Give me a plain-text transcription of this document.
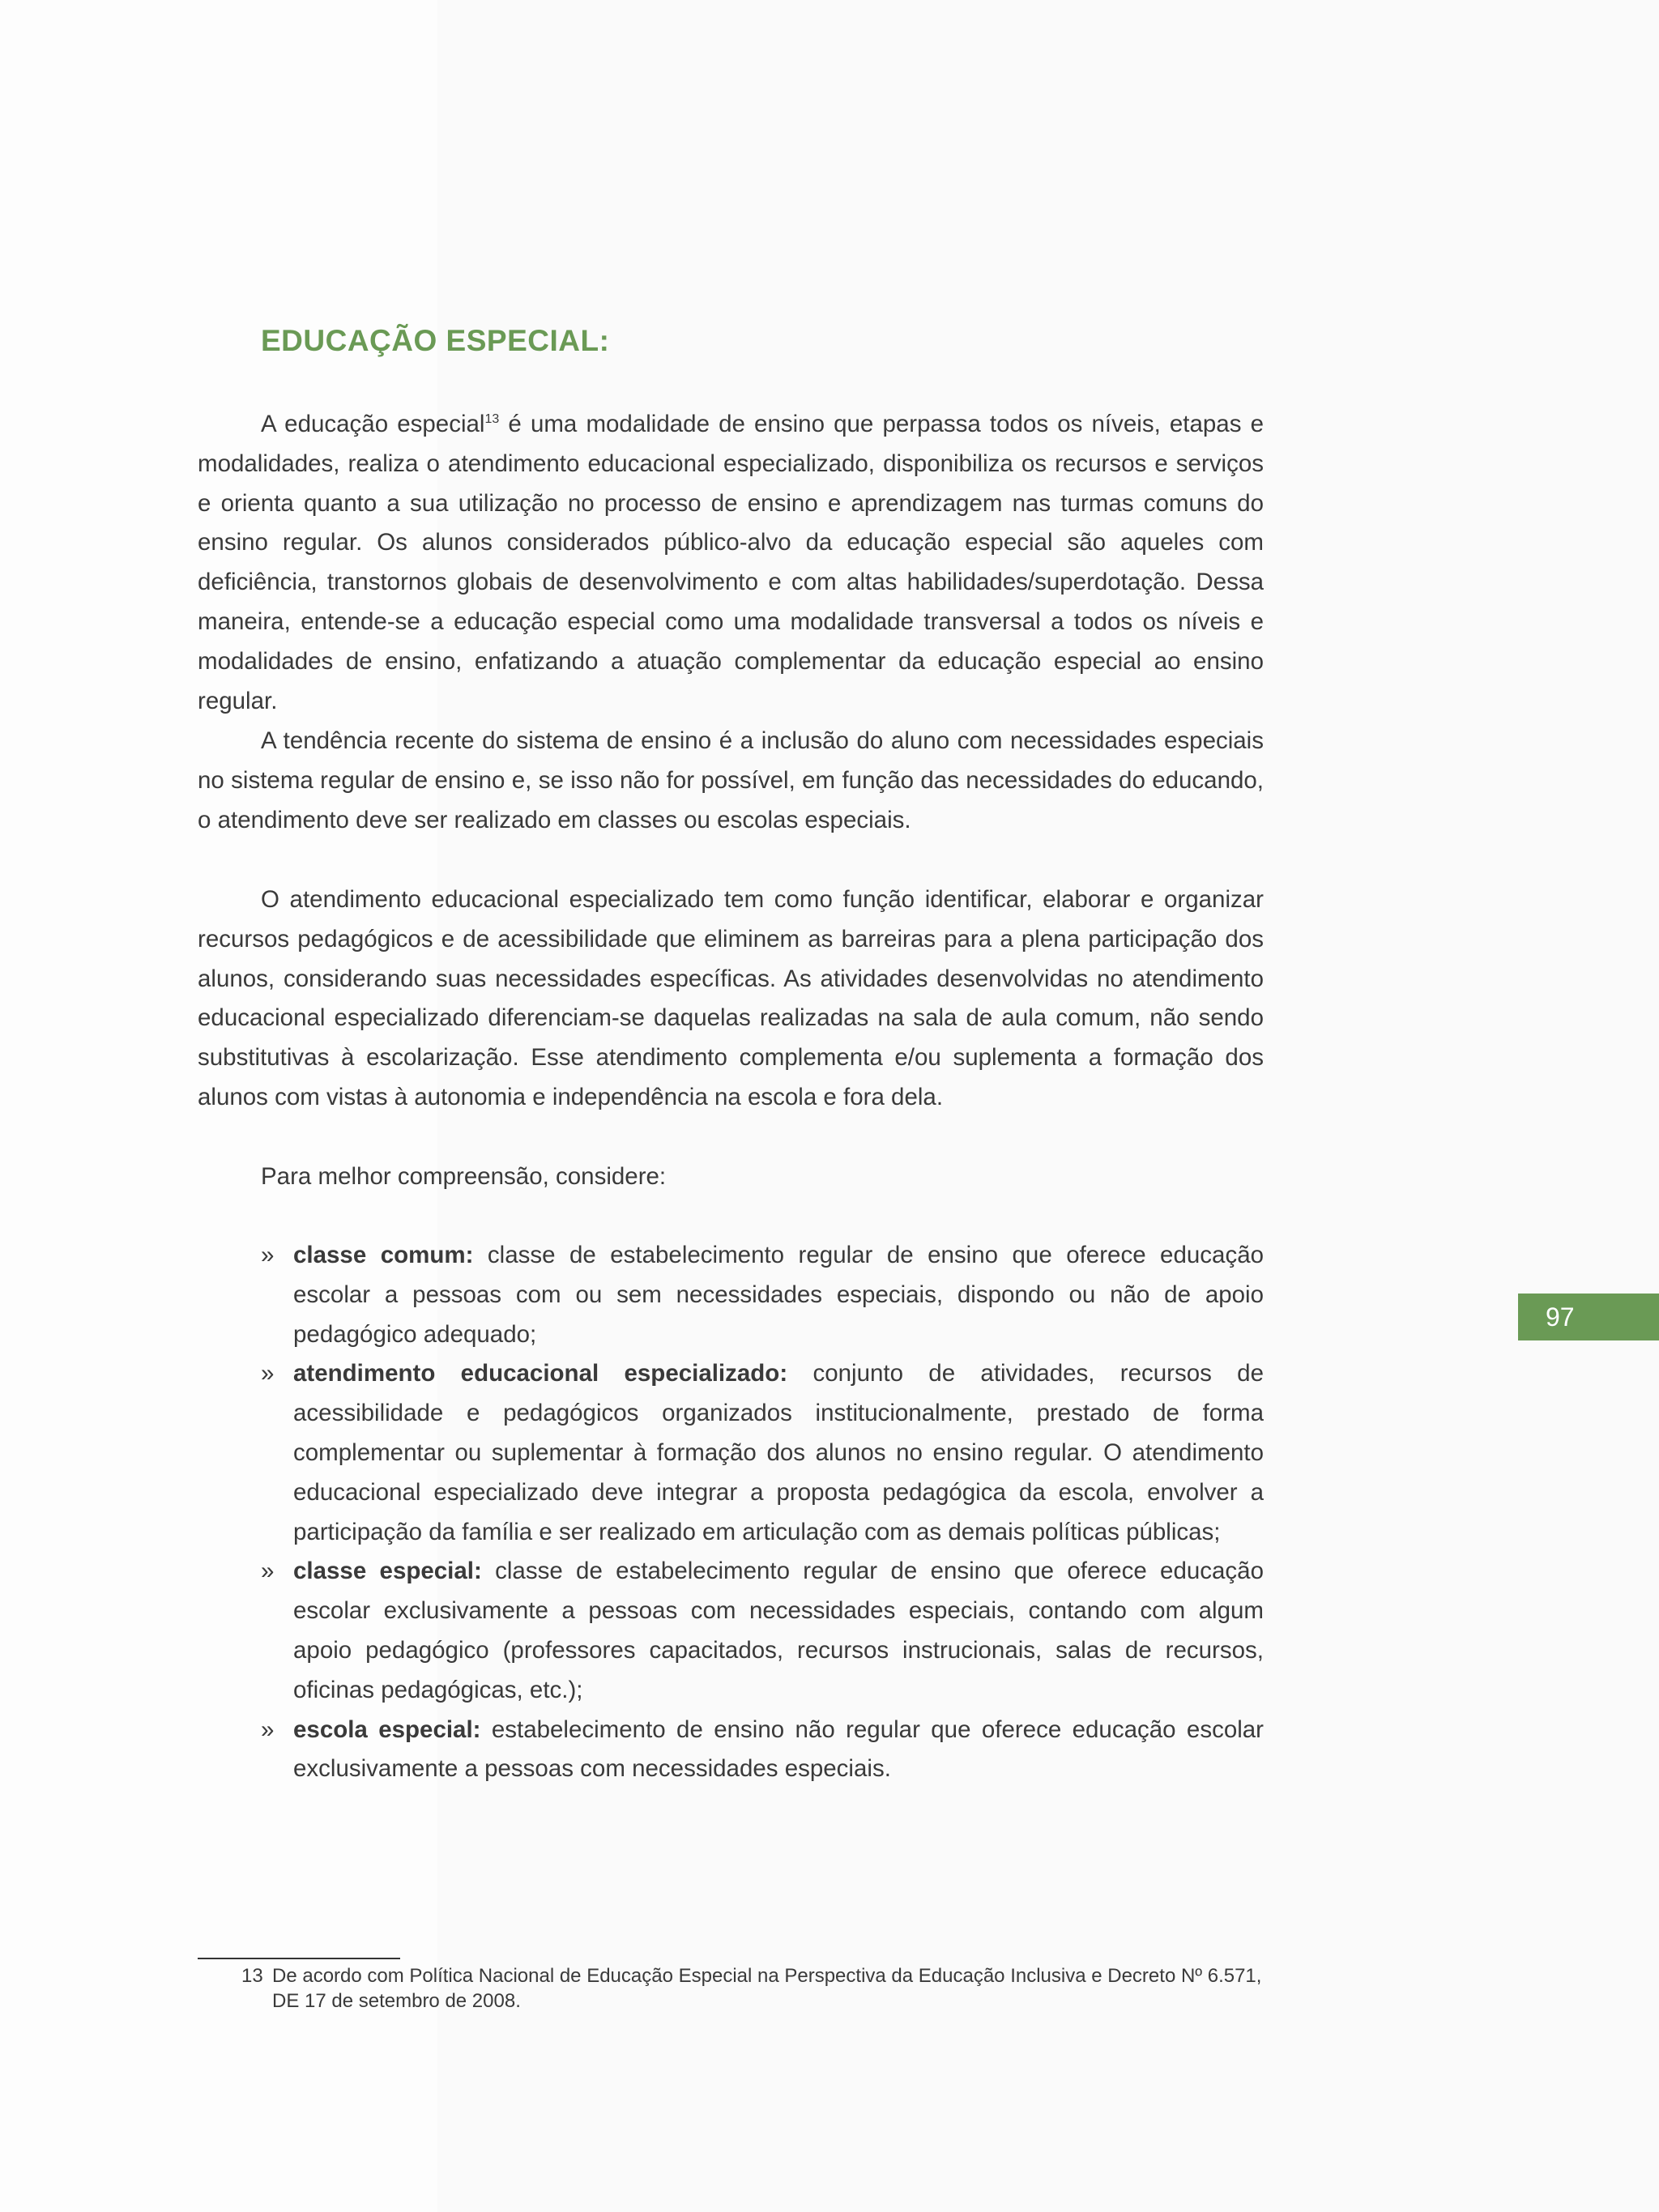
EDUCAÇÃO ESPECIAL:

A educação especial$^{13}$ é uma modalidade de ensino que perpassa todos os níveis, etapas e modalidades, realiza o atendimento educacional especializado, disponibiliza os recursos e serviços e orienta quanto a sua utilização no processo de ensino e aprendizagem nas turmas comuns do ensino regular. Os alunos considerados público-alvo da educação especial são aqueles com deficiência, transtornos globais de desenvolvimento e com altas habilidades/superdotação. Dessa maneira, entende-se a educação especial como uma modalidade transversal a todos os níveis e modalidades de ensino, enfatizando a atuação complementar da educação especial ao ensino regular.

A tendência recente do sistema de ensino é a inclusão do aluno com necessidades especiais no sistema regular de ensino e, se isso não for possível, em função das necessidades do educando, o atendimento deve ser realizado em classes ou escolas especiais.

O atendimento educacional especializado tem como função identificar, elaborar e organizar recursos pedagógicos e de acessibilidade que eliminem as barreiras para a plena participação dos alunos, considerando suas necessidades específicas. As atividades desenvolvidas no atendimento educacional especializado diferenciam-se daquelas realizadas na sala de aula comum, não sendo substitutivas à escolarização. Esse atendimento complementa e/ou suplementa a formação dos alunos com vistas à autonomia e independência na escola e fora dela.

Para melhor compreensão, considere:

» classe comum: classe de estabelecimento regular de ensino que oferece educação escolar a pessoas com ou sem necessidades especiais, dispondo ou não de apoio pedagógico adequado;
» atendimento educacional especializado: conjunto de atividades, recursos de acessibilidade e pedagógicos organizados institucionalmente, prestado de forma complementar ou suplementar à formação dos alunos no ensino regular. O atendimento educacional especializado deve integrar a proposta pedagógica da escola, envolver a participação da família e ser realizado em articulação com as demais políticas públicas;
» classe especial: classe de estabelecimento regular de ensino que oferece educação escolar exclusivamente a pessoas com necessidades especiais, contando com algum apoio pedagógico (professores capacitados, recursos instrucionais, salas de recursos, oficinas pedagógicas, etc.);
» escola especial: estabelecimento de ensino não regular que oferece educação escolar exclusivamente a pessoas com necessidades especiais.
97
13 De acordo com Política Nacional de Educação Especial na Perspectiva da Educação Inclusiva e Decreto Nº 6.571, DE 17 de setembro de 2008.
